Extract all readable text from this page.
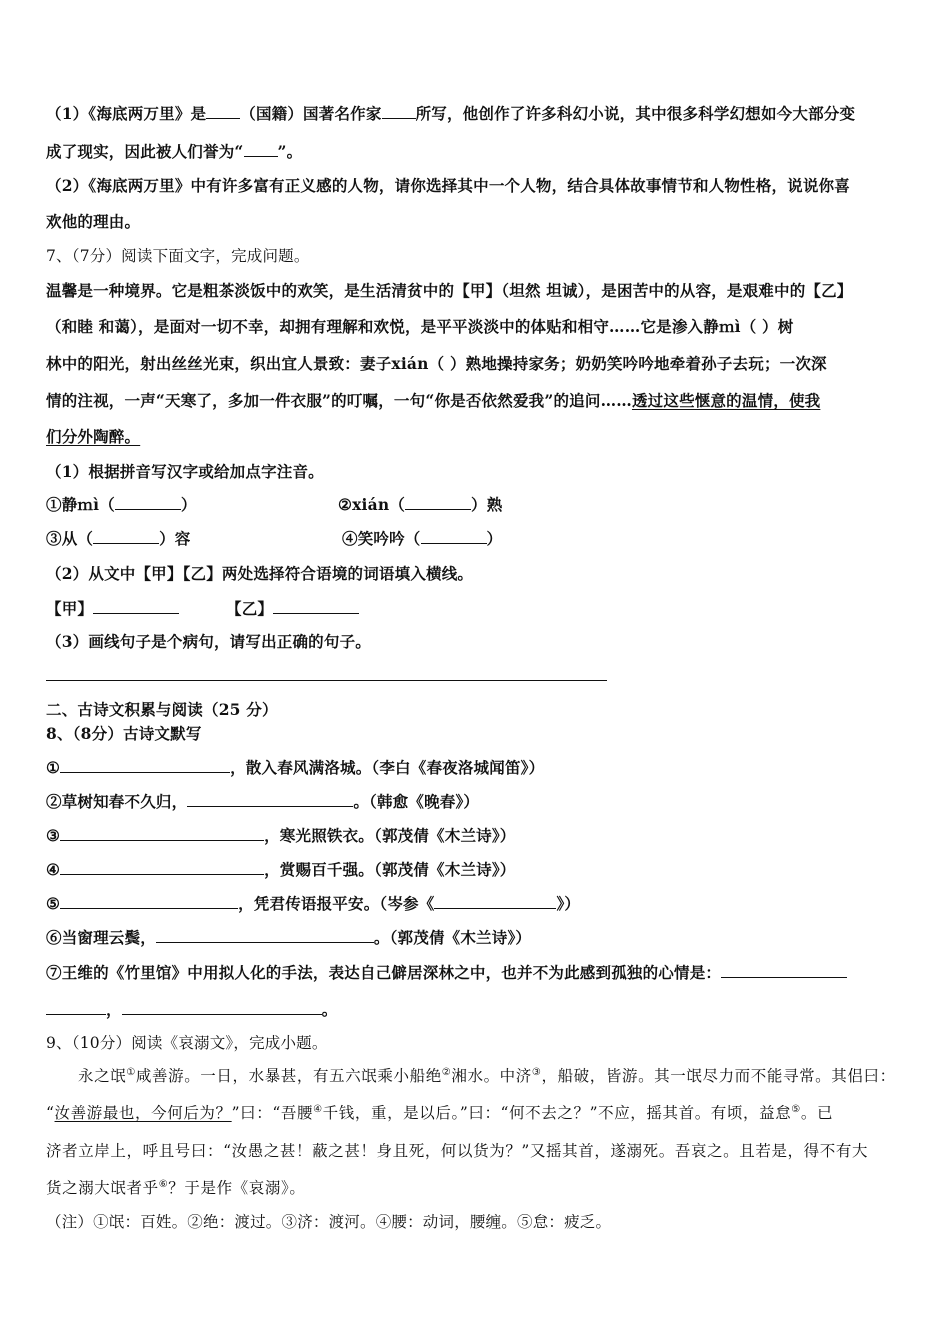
（1）《海底两万里》是 （国籍）国著名作家 所写，他创作了许多科幻小说，其中很多科学幻想如今大部分变
成了现实，因此被人们誉为“ ”。
（2）《海底两万里》中有许多富有正义感的人物，请你选择其中一个人物，结合具体故事情节和人物性格，说说你喜
欢他的理由。
7、（7分）阅读下面文字，完成问题。
温馨是一种境界。它是粗茶淡饭中的欢笑，是生活清贫中的【甲】（坦然 坦诚），是困苦中的从容，是艰难中的【乙】
（和睦 和蔼），是面对一切不幸，却拥有理解和欢悦，是平平淡淡中的体贴和相守……它是渗入静ｍì（ ）树
林中的阳光，射出丝丝光束，织出宜人景致：妻子xián（ ）熟地操持家务；奶奶笑吟吟地牵着孙子去玩；一次深
情的注视，一声“天寒了，多加一件衣服”的叮嘱，一句“你是否依然爱我”的追问……透过这些惬意的温情，使我
们分外陶醉。
（1）根据拼音写汉字或给加点字注音。
①静ｍì（	）	②xián（	）熟
③从（	）容	④笑吟吟（	）
（2）从文中【甲】【乙】两处选择符合语境的词语填入横线。
【甲】	【乙】
（3）画线句子是个病句，请写出正确的句子。
二、古诗文积累与阅读（25 分）
8、（8分）古诗文默写
①	，散入春风满洛城。（李白《春夜洛城闻笛》）
②草树知春不久归，	。（韩愈《晚春》）
③	，寒光照铁衣。（郭茂倩《木兰诗》）
④	，赏赐百千强。（郭茂倩《木兰诗》）
⑤	，凭君传语报平安。（岑参《	》）
⑥当窗理云鬓，	。（郭茂倩《木兰诗》）
⑦王维的《竹里馆》中用拟人化的手法，表达自己僻居深林之中，也并不为此感到孤独的心情是：
，	。
9、（10分）阅读《哀溺文》，完成小题。
永之氓①咸善游。一日，水暴甚，有五六氓乘小船绝②湘水。中济③，船破，皆游。其一氓尽力而不能寻常。其侣曰：
“汝善游最也，今何后为？”曰：“吾腰④千钱，重，是以后。”曰：“何不去之？”不应，摇其首。有顷，益怠⑤。已
济者立岸上，呼且号曰：“汝愚之甚！蔽之甚！身且死，何以货为？”又摇其首，遂溺死。吾哀之。且若是，得不有大
货之溺大氓者乎⑥？于是作《哀溺》。
（注）①氓：百姓。②绝：渡过。③济：渡河。④腰：动词，腰缠。⑤怠：疲乏。
